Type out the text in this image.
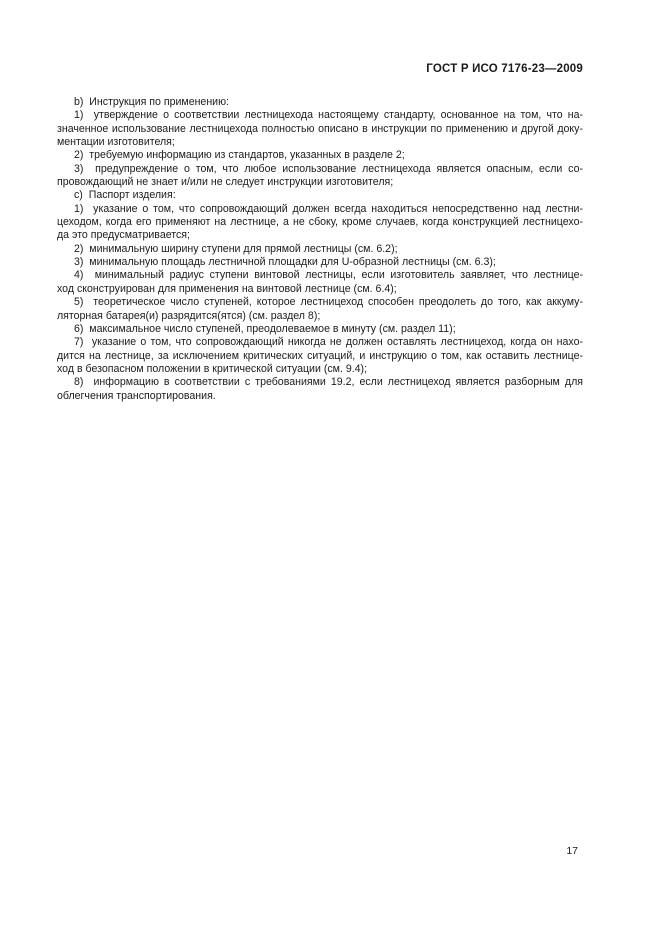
ГОСТ Р ИСО 7176-23—2009
b)  Инструкция по применению:
1)  утверждение о соответствии лестницехода настоящему стандарту, основанное на том, что на-
значенное использование лестницехода полностью описано в инструкции по применению и другой доку-
ментации изготовителя;
2)  требуемую информацию из стандартов, указанных в разделе 2;
3)  предупреждение о том, что любое использование лестницехода является опасным, если со-
провождающий не знает и/или не следует инструкции изготовителя;
c)  Паспорт изделия:
1)  указание о том, что сопровождающий должен всегда находиться непосредственно над лестни-
цеходом, когда его применяют на лестнице, а не сбоку, кроме случаев, когда конструкцией лестницехо-
да это предусматривается;
2)  минимальную ширину ступени для прямой лестницы (см. 6.2);
3)  минимальную площадь лестничной площадки для U-образной лестницы (см. 6.3);
4)  минимальный радиус ступени винтовой лестницы, если изготовитель заявляет, что лестнице-
ход сконструирован для применения на винтовой лестнице (см. 6.4);
5)  теоретическое число ступеней, которое лестницеход способен преодолеть до того, как аккуму-
ляторная батарея(и) разрядится(ятся) (см. раздел 8);
6)  максимальное число ступеней, преодолеваемое в минуту (см. раздел 11);
7)  указание о том, что сопровождающий никогда не должен оставлять лестницеход, когда он нахо-
дится на лестнице, за исключением критических ситуаций, и инструкцию о том, как оставить лестнице-
ход в безопасном положении в критической ситуации (см. 9.4);
8)  информацию в соответствии с требованиями 19.2, если лестницеход является разборным для
облегчения транспортирования.
17
